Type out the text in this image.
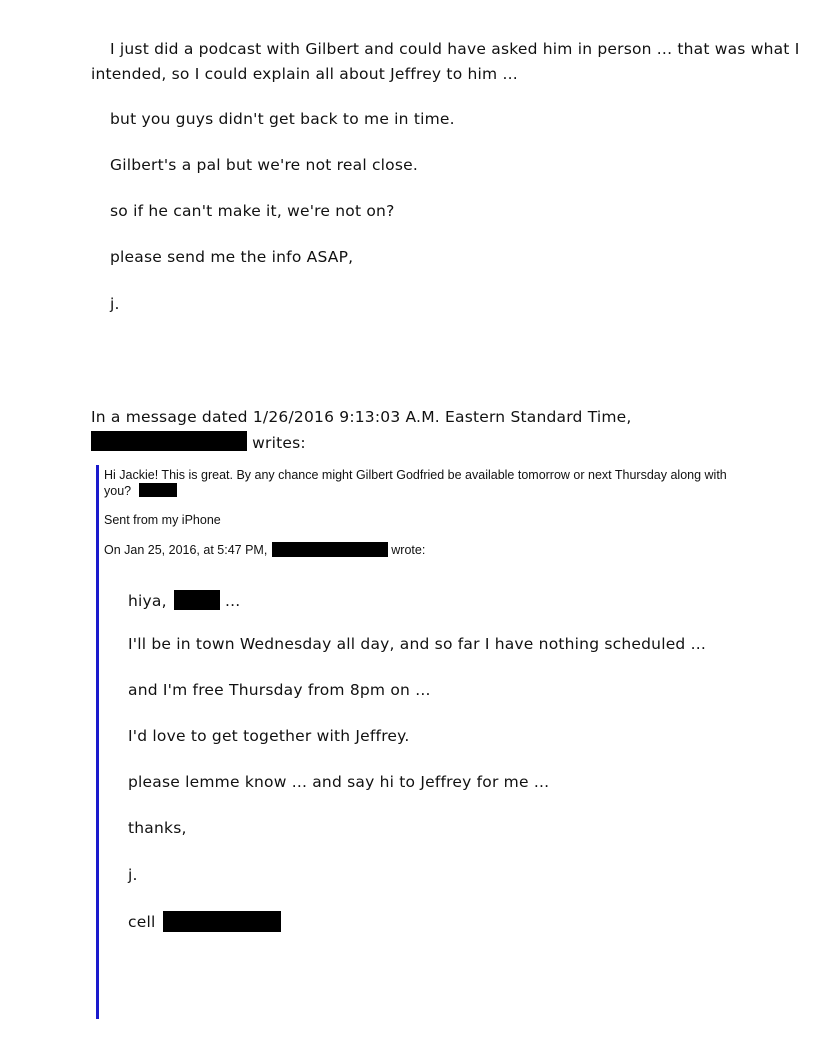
I just did a podcast with Gilbert and could have asked him in person ... that was what I
intended, so I could explain all about Jeffrey to him ...
but you guys didn't get back to me in time.
Gilbert's a pal but we're not real close.
so if he can't make it, we're not on?
please send me the info ASAP,
j.
In a message dated 1/26/2016 9:13:03 A.M. Eastern Standard Time,
writes:
Hi Jackie! This is great. By any chance might Gilbert Godfried be available tomorrow or next Thursday along with
you?
Sent from my iPhone
On Jan 25, 2016, at 5:47 PM,	wrote:
hiya,	...
I'll be in town Wednesday all day, and so far I have nothing scheduled ...
and I'm free Thursday from 8pm on ...
I'd love to get together with Jeffrey.
please lemme know ... and say hi to Jeffrey for me ...
thanks,
j.
cell
